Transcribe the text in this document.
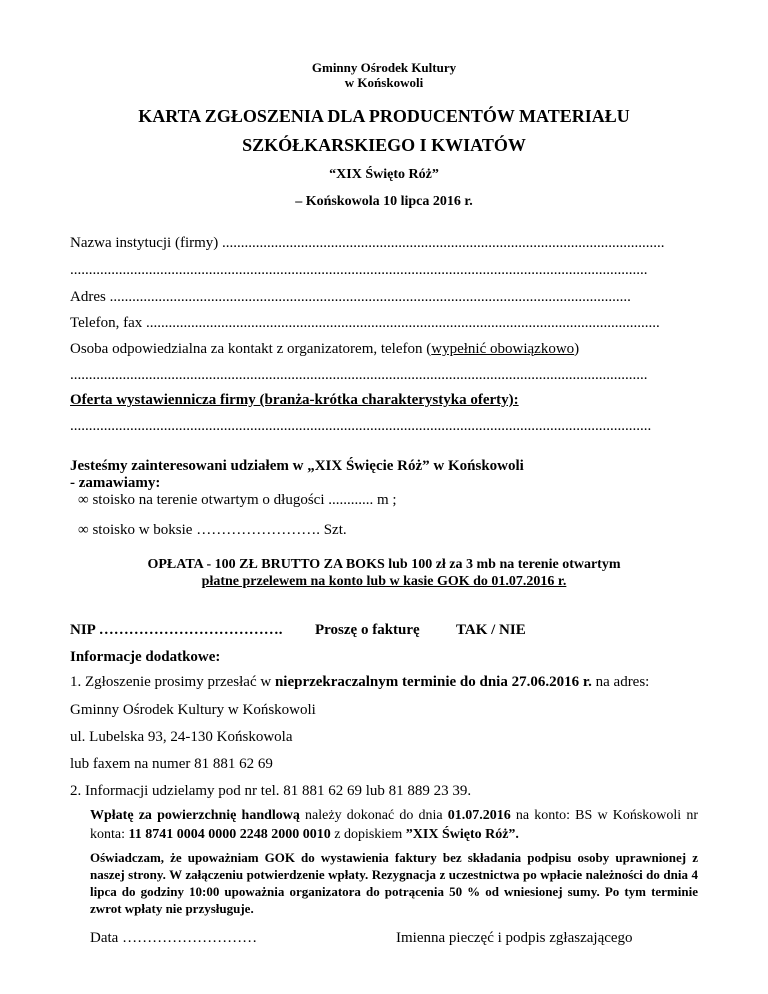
Gminny Ośrodek Kultury
w Końskowoli
KARTA ZGŁOSZENIA DLA PRODUCENTÓW MATERIAŁU
SZKÓŁKARSKIEGO I KWIATÓW
“XIX Święto Róż”
– Końskowola 10 lipca 2016 r.
Nazwa instytucji (firmy) ......................................................................................................................
..........................................................................................................................................................
Adres ...........................................................................................................................................
Telefon, fax .........................................................................................................................................
Osoba odpowiedzialna za kontakt z organizatorem, telefon (wypełnić obowiązkowo)
..........................................................................................................................................................
Oferta wystawiennicza firmy (branża-krótka charakterystyka oferty):
...........................................................................................................................................................
Jesteśmy zainteresowani udziałem w „XIX Święcie Róż” w Końskowoli
- zamawiamy:
∞ stoisko na terenie otwartym o długości ............ m ;
∞ stoisko w boksie ……………………. Szt.
OPŁATA - 100 ZŁ BRUTTO ZA BOKS lub 100 zł za 3 mb na terenie otwartym
płatne przelewem na konto lub w kasie GOK do 01.07.2016 r.
NIP ………………………………. Proszę o fakturę TAK / NIE
Informacje dodatkowe:
1. Zgłoszenie prosimy przesłać w nieprzekraczalnym terminie do dnia 27.06.2016 r. na adres:
Gminny Ośrodek Kultury w Końskowoli
ul. Lubelska 93, 24-130 Końskowola
lub faxem na numer 81 881 62 69
2. Informacji udzielamy pod nr tel. 81 881 62 69 lub 81 889 23 39.
Wpłatę za powierzchnię handlową należy dokonać do dnia 01.07.2016 na konto: BS w Końskowoli nr konta: 11 8741 0004 0000 2248 2000 0010 z dopiskiem ”XIX Święto Róż”.
Oświadczam, że upoważniam GOK do wystawienia faktury bez składania podpisu osoby uprawnionej z naszej strony. W załączeniu potwierdzenie wpłaty. Rezygnacja z uczestnictwa po wpłacie należności do dnia 4 lipca do godziny 10:00 upoważnia organizatora do potrącenia 50 % od wniesionej sumy. Po tym terminie zwrot wpłaty nie przysługuje.
Data ………………………	Imienna pieczęć i podpis zgłaszającego
